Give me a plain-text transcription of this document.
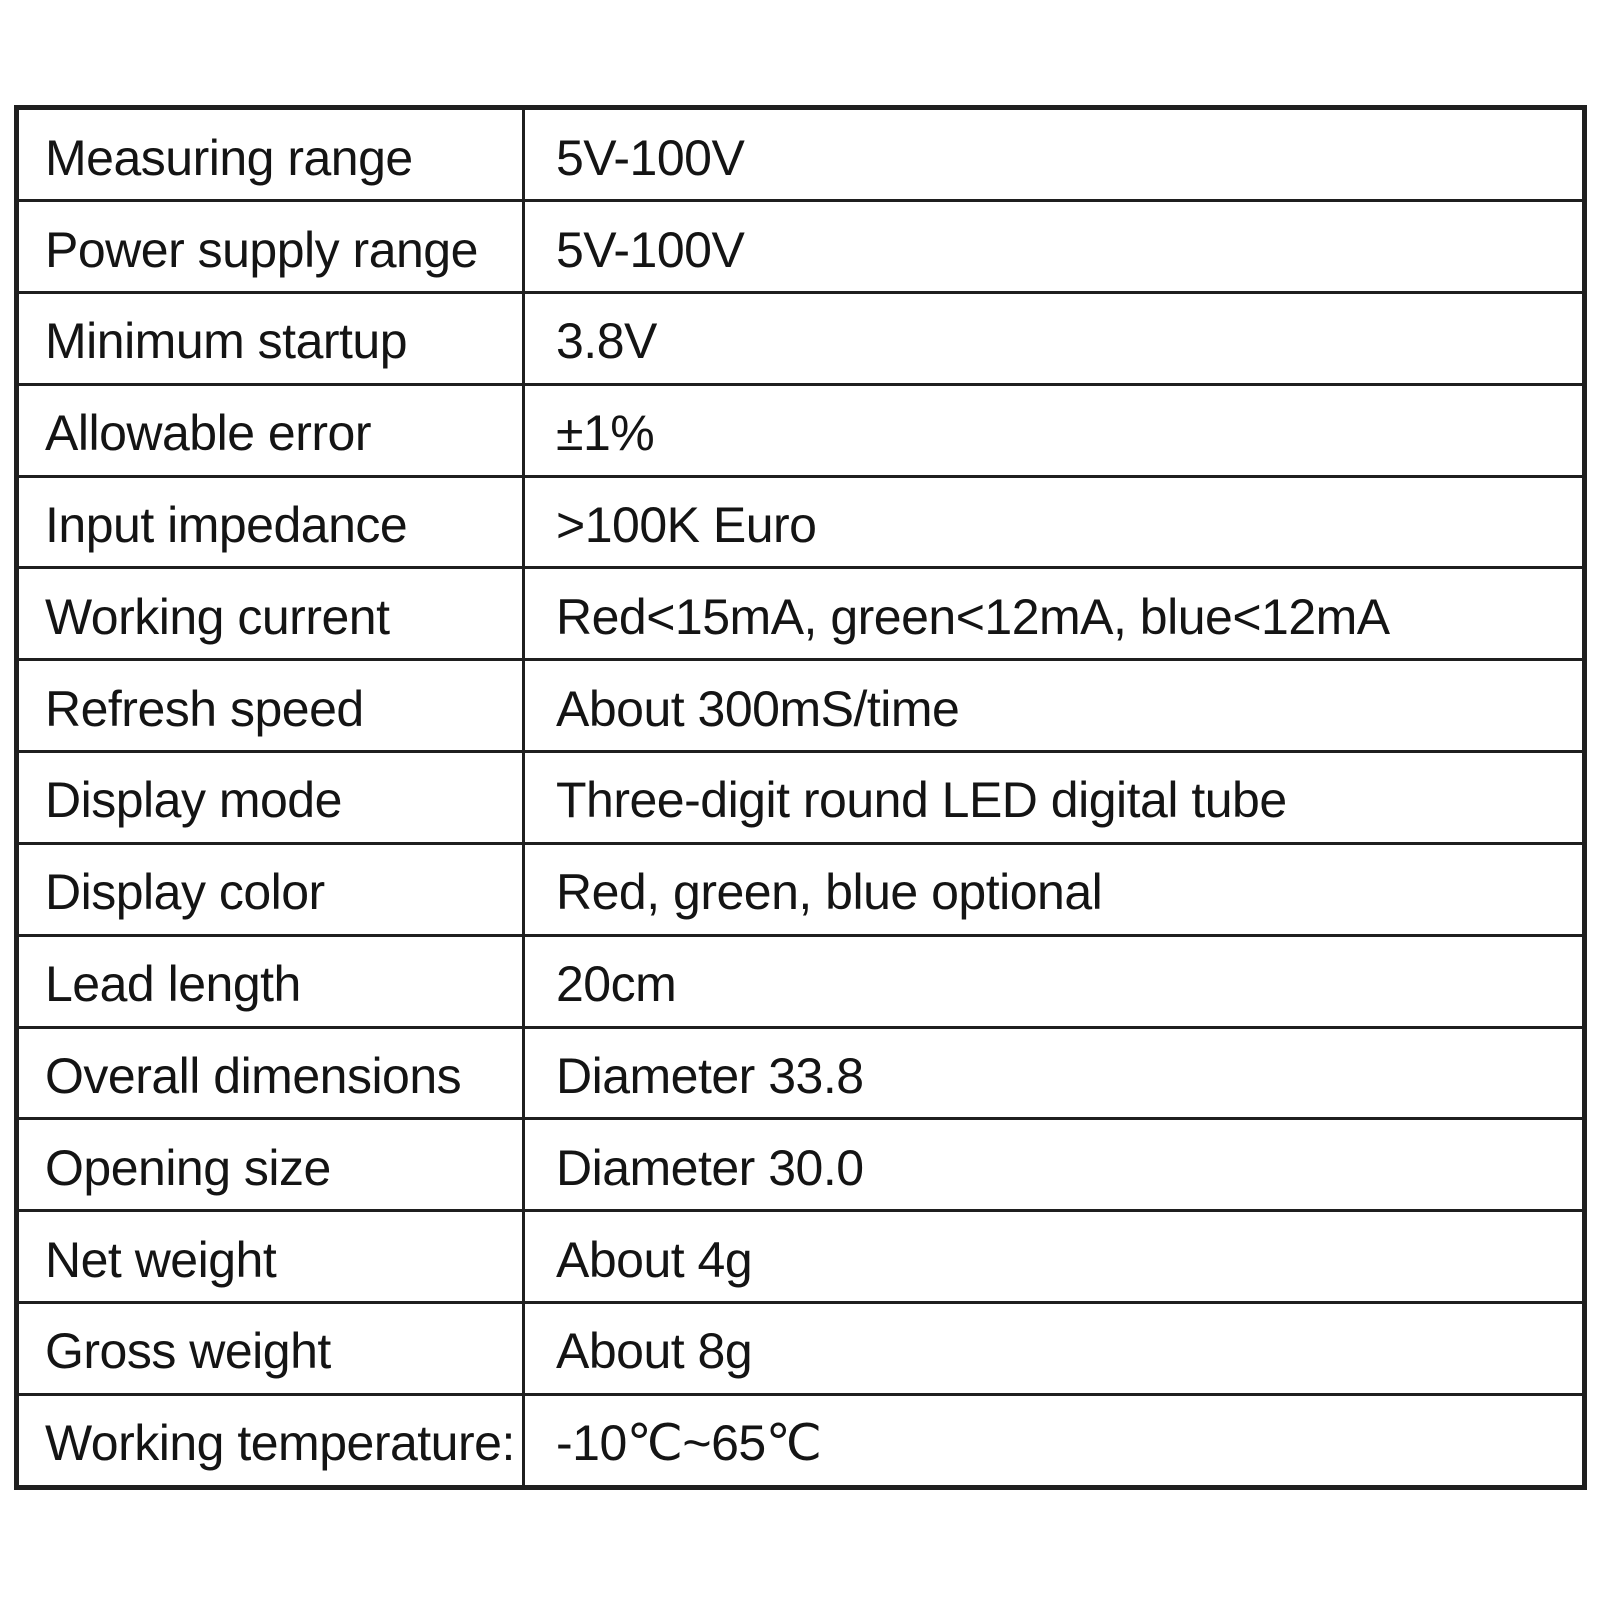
Measuring range	5V-100V
Power supply range	5V-100V
Minimum startup	3.8V
Allowable error	±1%
Input impedance	>100K Euro
Working current	Red<15mA, green<12mA, blue<12mA
Refresh speed	About 300mS/time
Display mode	Three-digit round LED digital tube
Display color	Red, green, blue optional
Lead length	20cm
Overall dimensions	Diameter 33.8
Opening size	Diameter 30.0
Net weight	About 4g
Gross weight	About 8g
Working temperature:	-10℃~65℃
